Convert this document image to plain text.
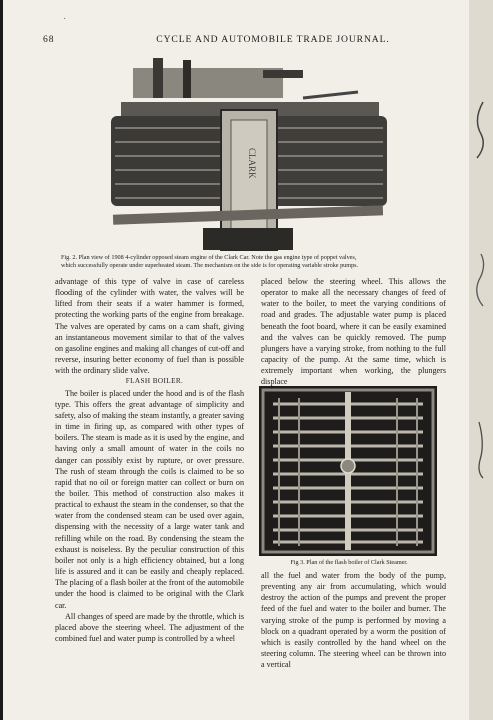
·
68	CYCLE AND AUTOMOBILE TRADE JOURNAL.
CLARK
Fig. 2. Plan view of 1908 4-cylinder opposed steam engine of the Clark Car. Note the gas engine type of poppet valves,
which successfully operate under superheated steam. The mechanism on the side is for operating variable stroke pumps.

advantage of this type of valve in case of careless flooding of the cylinder with water, the valves will be lifted from their seats if a water hammer is formed, protecting the working parts of the engine from breakage. The valves are operated by cams on a cam shaft, giving an instantaneous movement similar to that of the valves on gasoline engines and making all changes of cut-off and reverse, insuring better economy of fuel than is possible with the ordinary slide valve.

FLASH BOILER.

The boiler is placed under the hood and is of the flash type. This offers the great advantage of simplicity and safety, also of making the steam instantly, a greater saving in time in firing up, as compared with other types of boilers. The steam is made as it is used by the engine, and having only a small amount of water in the coils no danger can possibly exist by rupture, or over pressure. The rush of steam through the coils is claimed to be so rapid that no oil or foreign matter can collect or burn on the boiler. This method of construction also makes it practical to exhaust the steam in the condenser, so that the water from the condensed steam can be used over again, dispensing with the necessity of a large water tank and refilling while on the road. By condensing the steam the exhaust is noiseless. By the peculiar construction of this boiler not only is a high efficiency obtained, but a long life is assured and it can be easily and cheaply replaced. The placing of a flash boiler at the front of the automobile under the hood is claimed to be original with the Clark car.

All changes of speed are made by the throttle, which is placed above the steering wheel. The adjustment of the combined fuel and water pump is controlled by a wheel

placed below the steering wheel. This allows the operator to make all the necessary changes of feed of water to the boiler, to meet the varying conditions of road and grades. The adjustable water pump is placed beneath the foot board, where it can be easily examined and the valves can be quickly removed. The pump plungers have a varying stroke, from nothing to the full capacity of the pump. At the same time, which is extremely important when working, the plungers displace

Fig 3. Plan of the flash boiler of Clark Steamer.

all the fuel and water from the body of the pump, preventing any air from accumulating, which would destroy the action of the pumps and prevent the proper feed of the fuel and water to the boiler and burner. The varying stroke of the pump is performed by moving a block on a quadrant operated by a worm the position of which is easily controlled by the hand wheel on the steering column. The steering wheel can be thrown into a vertical
